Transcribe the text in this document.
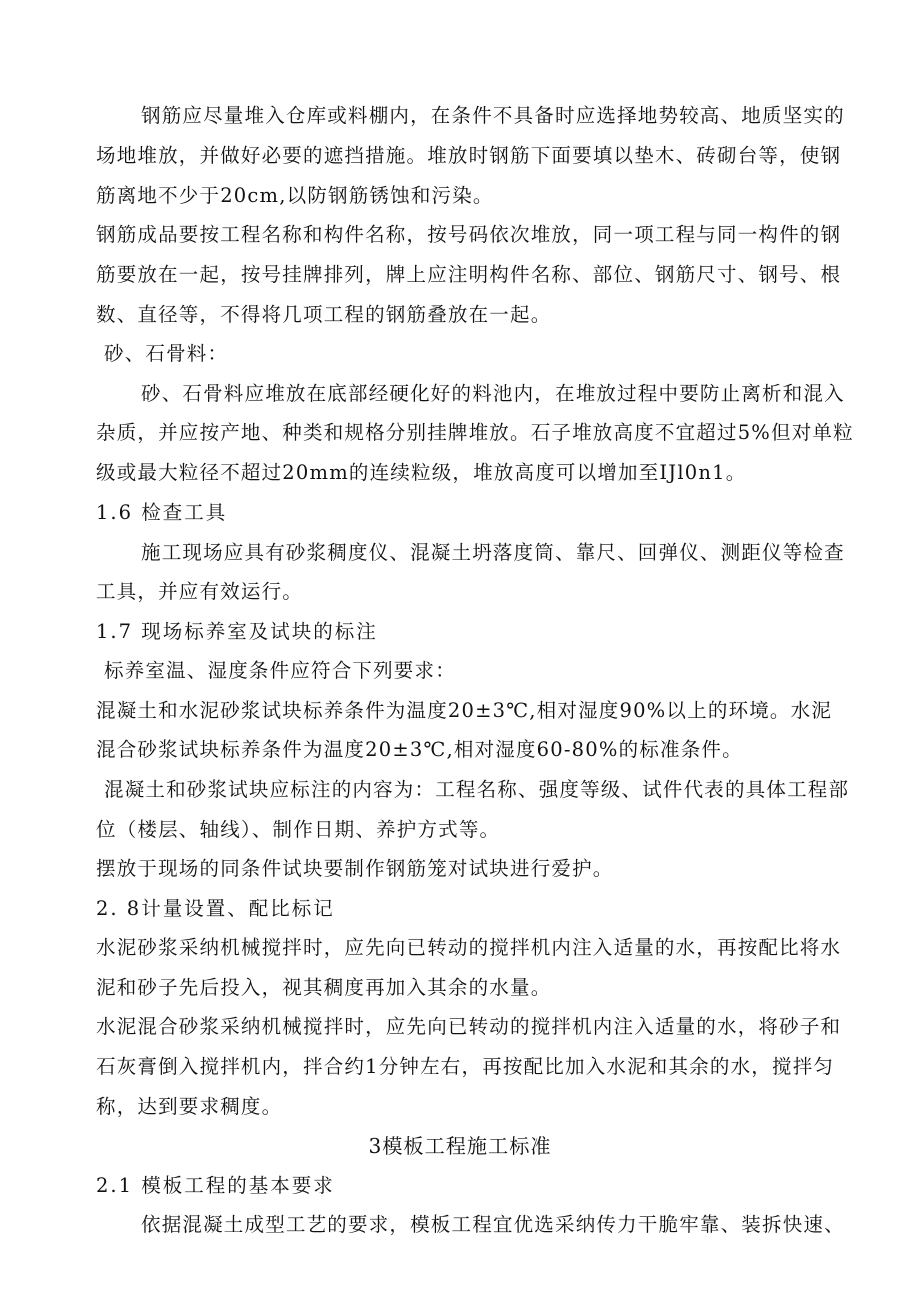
钢筋应尽量堆入仓库或料棚内，在条件不具备时应选择地势较高、地质坚实的
场地堆放，并做好必要的遮挡措施。堆放时钢筋下面要填以垫木、砖砌台等，使钢
筋离地不少于20cm,以防钢筋锈蚀和污染。
钢筋成品要按工程名称和构件名称，按号码依次堆放，同一项工程与同一构件的钢
筋要放在一起，按号挂牌排列，牌上应注明构件名称、部位、钢筋尺寸、钢号、根
数、直径等，不得将几项工程的钢筋叠放在一起。
砂、石骨料：
砂、石骨料应堆放在底部经硬化好的料池内，在堆放过程中要防止离析和混入
杂质，并应按产地、种类和规格分别挂牌堆放。石子堆放高度不宜超过5%但对单粒
级或最大粒径不超过20mm的连续粒级，堆放高度可以增加至IJl0n1。
1.6 检查工具
施工现场应具有砂浆稠度仪、混凝土坍落度筒、靠尺、回弹仪、测距仪等检查
工具，并应有效运行。
1.7 现场标养室及试块的标注
标养室温、湿度条件应符合下列要求：
混凝土和水泥砂浆试块标养条件为温度20±3℃,相对湿度90%以上的环境。水泥
混合砂浆试块标养条件为温度20±3℃,相对湿度60-80%的标准条件。
混凝土和砂浆试块应标注的内容为：工程名称、强度等级、试件代表的具体工程部
位（楼层、轴线）、制作日期、养护方式等。
摆放于现场的同条件试块要制作钢筋笼对试块进行爱护。
2. 8计量设置、配比标记
水泥砂浆采纳机械搅拌时，应先向已转动的搅拌机内注入适量的水，再按配比将水
泥和砂子先后投入，视其稠度再加入其余的水量。
水泥混合砂浆采纳机械搅拌时，应先向已转动的搅拌机内注入适量的水，将砂子和
石灰膏倒入搅拌机内，拌合约1分钟左右，再按配比加入水泥和其余的水，搅拌匀
称，达到要求稠度。
3模板工程施工标准
2.1 模板工程的基本要求
依据混凝土成型工艺的要求，模板工程宜优选采纳传力干脆牢靠、装拆快速、
